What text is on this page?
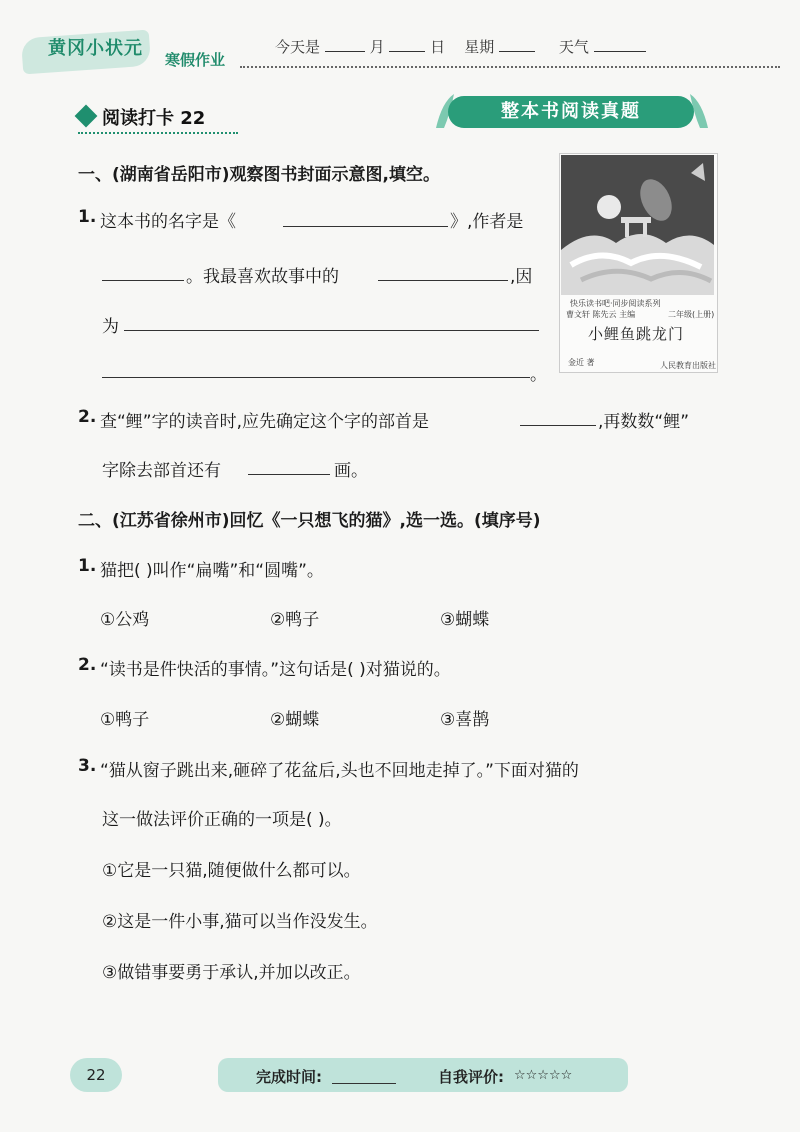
黄冈小状元
寒假作业
今天是	月	日 星期	天气
阅读打卡 22	整本书阅读真题
一、(湖南省岳阳市)观察图书封面示意图,填空。
1. 这本书的名字是《	》,作者是
。我最喜欢故事中的	,因
为
。
快乐读书吧·同步阅读系列
曹文轩 陈先云 主编	二年级(上册)
小鲤鱼跳龙门
金近 著	人民教育出版社
2. 查“鲤”字的读音时,应先确定这个字的部首是	,再数数“鲤”
字除去部首还有	画。
二、(江苏省徐州市)回忆《一只想飞的猫》,选一选。(填序号)
1. 猫把( )叫作“扁嘴”和“圆嘴”。
①公鸡	②鸭子	③蝴蝶
2. “读书是件快活的事情。”这句话是( )对猫说的。
①鸭子	②蝴蝶	③喜鹊
3. “猫从窗子跳出来,砸碎了花盆后,头也不回地走掉了。”下面对猫的
这一做法评价正确的一项是( )。
①它是一只猫,随便做什么都可以。
②这是一件小事,猫可以当作没发生。
③做错事要勇于承认,并加以改正。
22	完成时间:	自我评价: ☆☆☆☆☆
